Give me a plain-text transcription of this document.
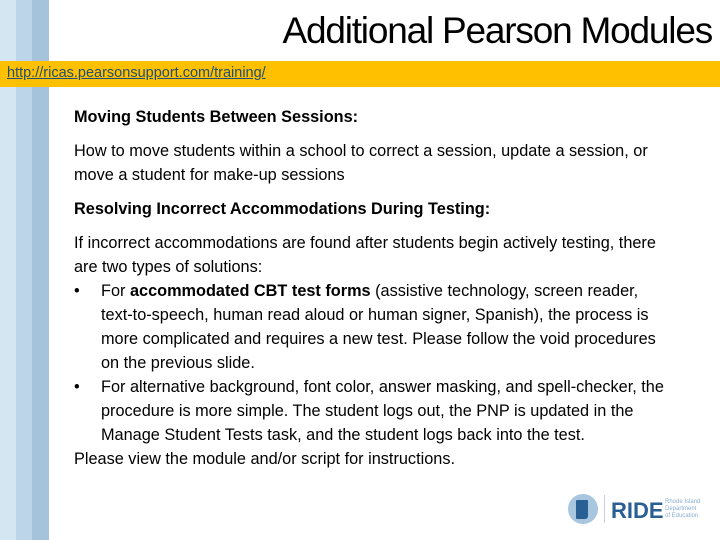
Additional Pearson Modules
http://ricas.pearsonsupport.com/training/

Moving Students Between Sessions:

How to move students within a school to correct a session, update a session, or move a student for make-up sessions

Resolving Incorrect Accommodations During Testing:

If incorrect accommodations are found after students begin actively testing, there are two types of solutions:

• For accommodated CBT test forms (assistive technology, screen reader, text-to-speech, human read aloud or human signer, Spanish), the process is more complicated and requires a new test. Please follow the void procedures on the previous slide.

• For alternative background, font color, answer masking, and spell-checker, the procedure is more simple. The student logs out, the PNP is updated in the Manage Student Tests task, and the student logs back into the test.

Please view the module and/or script for instructions.

RIDE Rhode Island
Department
of Education
